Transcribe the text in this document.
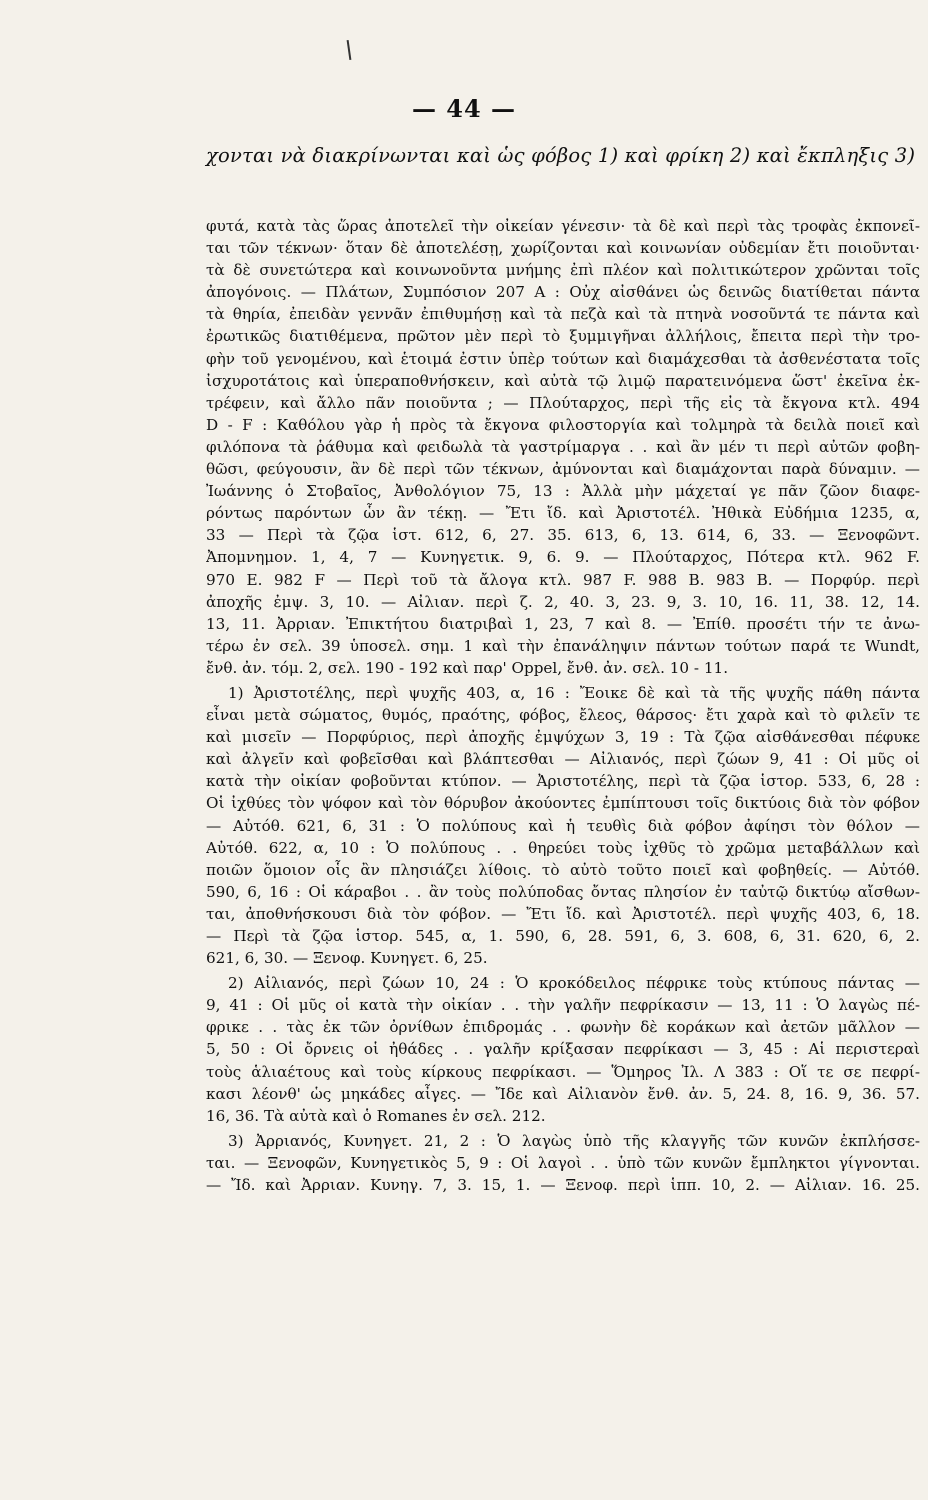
— 44 —
χονται νὰ διακρίνωνται καὶ ὡς φόβος 1) καὶ φρίκη 2) καὶ ἔκπληξις 3)
φυτά, κατὰ τὰς ὥρας ἀποτελεῖ τὴν οἰκείαν γένεσιν· τὰ δὲ καὶ περὶ τὰς τροφὰς ἐκπονεῖ-
ται τῶν τέκνων· ὅταν δὲ ἀποτελέσῃ, χωρίζονται καὶ κοινωνίαν οὐδεμίαν ἔτι ποιοῦνται·
τὰ δὲ συνετώτερα καὶ κοινωνοῦντα μνήμης ἐπὶ πλέον καὶ πολιτικώτερον χρῶνται τοῖς
ἀπογόνοις. — Πλάτων, Συμπόσιον 207 A : Οὐχ αἰσθάνει ὡς δεινῶς διατίθεται πάντα
τὰ θηρία, ἐπειδὰν γεννᾶν ἐπιθυμήσῃ καὶ τὰ πεζὰ καὶ τὰ πτηνὰ νοσοῦντά τε πάντα καὶ
ἐρωτικῶς διατιθέμενα, πρῶτον μὲν περὶ τὸ ξυμμιγῆναι ἀλλήλοις, ἔπειτα περὶ τὴν τρο-
φὴν τοῦ γενομένου, καὶ ἑτοιμά ἐστιν ὑπὲρ τούτων καὶ διαμάχεσθαι τὰ ἀσθενέστατα τοῖς
ἰσχυροτάτοις καὶ ὑπεραποθνήσκειν, καὶ αὐτὰ τῷ λιμῷ παρατεινόμενα ὥστ' ἐκεῖνα ἐκ-
τρέφειν, καὶ ἄλλο πᾶν ποιοῦντα ; — Πλούταρχος, περὶ τῆς εἰς τὰ ἔκγονα κτλ. 494
D - F : Καθόλου γὰρ ἡ πρὸς τὰ ἔκγονα φιλοστοργία καὶ τολμηρὰ τὰ δειλὰ ποιεῖ καὶ
φιλόπονα τὰ ῥάθυμα καὶ φειδωλὰ τὰ γαστρίμαργα . . καὶ ἂν μέν τι περὶ αὐτῶν φοβη-
θῶσι, φεύγουσιν, ἂν δὲ περὶ τῶν τέκνων, ἀμύνονται καὶ διαμάχονται παρὰ δύναμιν. —
Ἰωάννης ὁ Στοβαῖος, Ἀνθολόγιον 75, 13 : Ἀλλὰ μὴν μάχεταί γε πᾶν ζῶον διαφε-
ρόντως παρόντων ὧν ἂν τέκῃ. — Ἔτι ἴδ. καὶ Ἀριστοτέλ. Ἠθικὰ Εὐδήμια 1235, α,
33 — Περὶ τὰ ζῷα ἱστ. 612, 6, 27. 35. 613, 6, 13. 614, 6, 33. — Ξενοφῶντ.
Ἀπομνημον. 1, 4, 7 — Κυνηγετικ. 9, 6. 9. — Πλούταρχος, Πότερα κτλ. 962 F.
970 E. 982 F — Περὶ τοῦ τὰ ἄλογα κτλ. 987 F. 988 B. 983 B. — Πορφύρ. περὶ
ἀποχῆς ἐμψ. 3, 10. — Αἰλιαν. περὶ ζ. 2, 40. 3, 23. 9, 3. 10, 16. 11, 38. 12, 14.
13, 11. Ἀρριαν. Ἐπικτήτου διατριβαὶ 1, 23, 7 καὶ 8. — Ἐπίθ. προσέτι τήν τε ἀνω-
τέρω ἐν σελ. 39 ὑποσελ. σημ. 1 καὶ τὴν ἐπανάληψιν πάντων τούτων παρά τε Wundt,
ἔνθ. ἀν. τόμ. 2, σελ. 190 - 192 καὶ παρ' Oppel, ἔνθ. ἀν. σελ. 10 - 11.
1) Ἀριστοτέλης, περὶ ψυχῆς 403, α, 16 : Ἔοικε δὲ καὶ τὰ τῆς ψυχῆς πάθη πάντα
εἶναι μετὰ σώματος, θυμός, πραότης, φόβος, ἔλεος, θάρσος· ἔτι χαρὰ καὶ τὸ φιλεῖν τε
καὶ μισεῖν — Πορφύριος, περὶ ἀποχῆς ἐμψύχων 3, 19 : Τὰ ζῷα αἰσθάνεσθαι πέφυκε
καὶ ἀλγεῖν καὶ φοβεῖσθαι καὶ βλάπτεσθαι — Αἰλιανός, περὶ ζώων 9, 41 : Οἱ μῦς οἱ
κατὰ τὴν οἰκίαν φοβοῦνται κτύπον. — Ἀριστοτέλης, περὶ τὰ ζῷα ἱστορ. 533, 6, 28 :
Οἱ ἰχθύες τὸν ψόφον καὶ τὸν θόρυβον ἀκούοντες ἐμπίπτουσι τοῖς δικτύοις διὰ τὸν φόβον
— Αὐτόθ. 621, 6, 31 : Ὁ πολύπους καὶ ἡ τευθὶς διὰ φόβον ἀφίησι τὸν θόλον —
Αὐτόθ. 622, α, 10 : Ὁ πολύπους . . θηρεύει τοὺς ἰχθῦς τὸ χρῶμα μεταβάλλων καὶ
ποιῶν ὅμοιον οἷς ἂν πλησιάζει λίθοις. τὸ αὐτὸ τοῦτο ποιεῖ καὶ φοβηθείς. — Αὐτόθ.
590, 6, 16 : Οἱ κάραβοι . . ἂν τοὺς πολύποδας ὄντας πλησίον ἐν ταὐτῷ δικτύῳ αἴσθων-
ται, ἀποθνήσκουσι διὰ τὸν φόβον. — Ἔτι ἴδ. καὶ Ἀριστοτέλ. περὶ ψυχῆς 403, 6, 18.
— Περὶ τὰ ζῷα ἱστορ. 545, α, 1. 590, 6, 28. 591, 6, 3. 608, 6, 31. 620, 6, 2.
621, 6, 30. — Ξενοφ. Κυνηγετ. 6, 25.
2) Αἰλιανός, περὶ ζώων 10, 24 : Ὁ κροκόδειλος πέφρικε τοὺς κτύπους πάντας —
9, 41 : Οἱ μῦς οἱ κατὰ τὴν οἰκίαν . . τὴν γαλῆν πεφρίκασιν — 13, 11 : Ὁ λαγὼς πέ-
φρικε . . τὰς ἐκ τῶν ὀρνίθων ἐπιδρομάς . . φωνὴν δὲ κοράκων καὶ ἀετῶν μᾶλλον —
5, 50 : Οἱ ὄρνεις οἱ ἠθάδες . . γαλῆν κρίξασαν πεφρίκασι — 3, 45 : Αἱ περιστεραὶ
τοὺς ἁλιαέτους καὶ τοὺς κίρκους πεφρίκασι. — Ὅμηρος Ἰλ. Λ 383 : Οἵ τε σε πεφρί-
κασι λέονθ' ὡς μηκάδες αἶγες. — Ἴδε καὶ Αἰλιανὸν ἔνθ. ἀν. 5, 24. 8, 16. 9, 36. 57.
16, 36. Τὰ αὐτὰ καὶ ὁ Romanes ἐν σελ. 212.
3) Ἀρριανός, Κυνηγετ. 21, 2 : Ὁ λαγὼς ὑπὸ τῆς κλαγγῆς τῶν κυνῶν ἐκπλήσσε-
ται. — Ξενοφῶν, Κυνηγετικὸς 5, 9 : Οἱ λαγοὶ . . ὑπὸ τῶν κυνῶν ἔμπληκτοι γίγνονται.
— Ἴδ. καὶ Ἀρριαν. Κυνηγ. 7, 3. 15, 1. — Ξενοφ. περὶ ἱππ. 10, 2. — Αἰλιαν. 16. 25.
